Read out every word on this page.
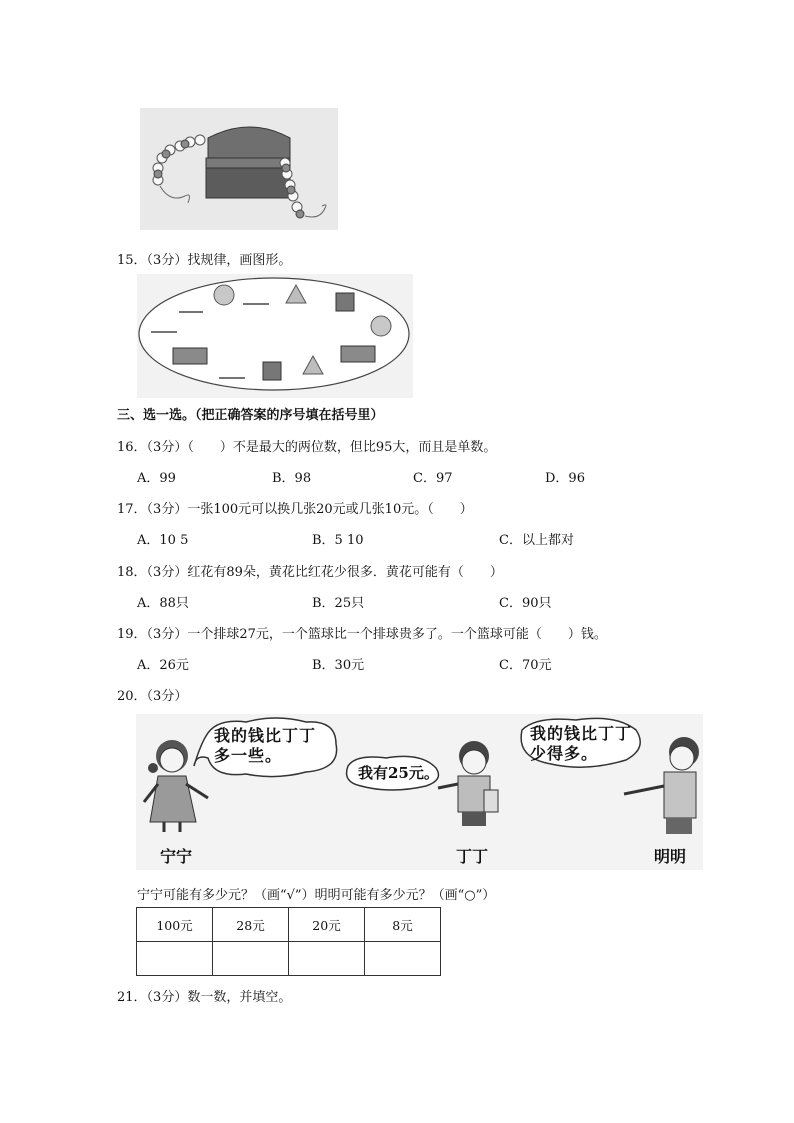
15．（3分）找规律，画图形。
三、选一选。（把正确答案的序号填在括号里）
16．（3分）（　　）不是最大的两位数，但比95大，而且是单数。
A．99	B．98	C．97	D．96
17．（3分）一张100元可以换几张20元或几张10元。（　　）
A．10 5	B．5 10	C．以上都对
18．（3分）红花有89朵，黄花比红花少很多．黄花可能有（　　）
A．88只	B．25只	C．90只
19．（3分）一个排球27元，一个篮球比一个排球贵多了。一个篮球可能（　　）钱。
A．26元	B．30元	C．70元
20．（3分）
我的钱比丁丁多一些。
我有25元。
我的钱比丁丁少得多。
宁宁	丁丁	明明
宁宁可能有多少元？（画“√”）明明可能有多少元？（画“○”）
100元	28元	20元	8元

21．（3分）数一数，并填空。
